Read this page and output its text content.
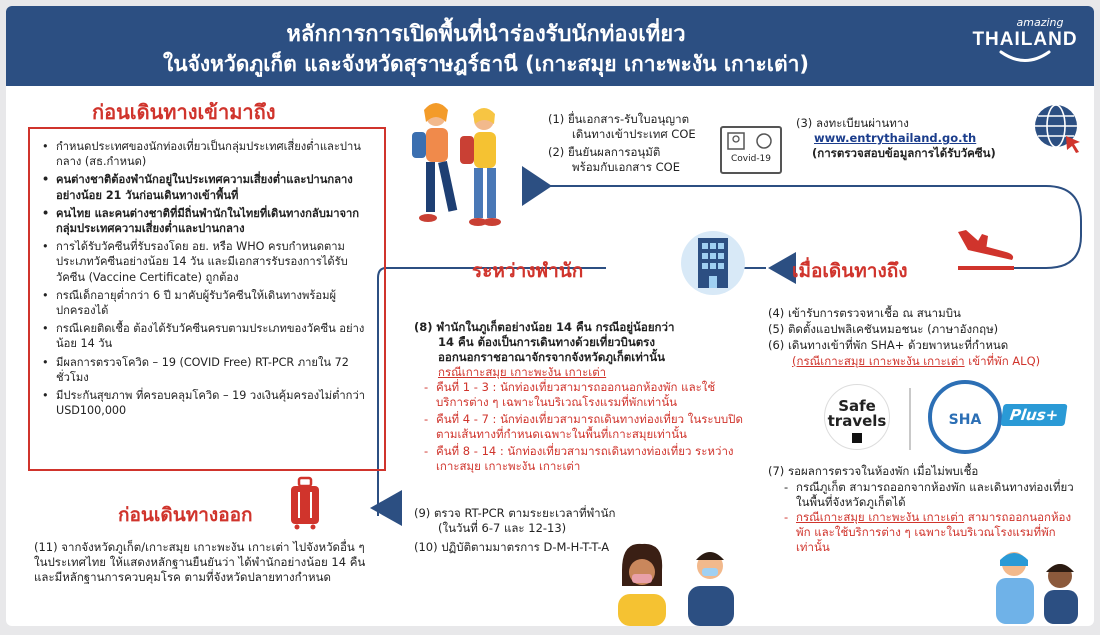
หลักการการเปิดพื้นที่นำร่องรับนักท่องเที่ยว
ในจังหวัดภูเก็ต และจังหวัดสุราษฎร์ธานี (เกาะสมุย เกาะพะงัน เกาะเต่า)
amazing
THAILAND
ก่อนเดินทางเข้ามาถึง
• กำหนดประเทศของนักท่องเที่ยวเป็นกลุ่มประเทศเสี่ยงต่ำและปานกลาง (สธ.กำหนด)
• คนต่างชาติต้องพำนักอยู่ในประเทศความเสี่ยงต่ำและปานกลาง อย่างน้อย 21 วันก่อนเดินทางเข้าพื้นที่
• คนไทย และคนต่างชาติที่มีถิ่นพำนักในไทยที่เดินทางกลับมาจากกลุ่มประเทศความเสี่ยงต่ำและปานกลาง
• การได้รับวัคซีนที่รับรองโดย อย. หรือ WHO ครบกำหนดตามประเภทวัคซีนอย่างน้อย 14 วัน และมีเอกสารรับรองการได้รับวัคซีน (Vaccine Certificate) ถูกต้อง
• กรณีเด็กอายุต่ำกว่า 6 ปี มาคับผู้รับวัคซีนให้เดินทางพร้อมผู้ปกครองได้
• กรณีเคยติดเชื้อ ต้องได้รับวัคซีนครบตามประเภทของวัคซีน อย่างน้อย 14 วัน
• มีผลการตรวจโควิด – 19 (COVID Free) RT-PCR ภายใน 72 ชั่วโมง
• มีประกันสุขภาพ ที่ครอบคลุมโควิด – 19 วงเงินคุ้มครองไม่ต่ำกว่า USD100,000
(1) ยื่นเอกสาร-รับใบอนุญาต
เดินทางเข้าประเทศ COE
(2) ยืนยันผลการอนุมัติ
พร้อมกับเอกสาร COE
Covid-19
(3) ลงทะเบียนผ่านทาง
www.entrythailand.go.th
(การตรวจสอบข้อมูลการได้รับวัคซีน)
เมื่อเดินทางถึง
(4) เข้ารับการตรวจหาเชื้อ ณ สนามบิน
(5) ติดตั้งแอปพลิเคชันหมอชนะ (ภาษาอังกฤษ)
(6) เดินทางเข้าที่พัก SHA+ ด้วยพาหนะที่กำหนด
(กรณีเกาะสมุย เกาะพะงัน เกาะเต่า เข้าที่พัก ALQ)
Safe
travels	SHA	Plus+
(7) รอผลการตรวจในห้องพัก เมื่อไม่พบเชื้อ
- กรณีภูเก็ต สามารถออกจากห้องพัก และเดินทางท่องเที่ยวในพื้นที่จังหวัดภูเก็ตได้
- กรณีเกาะสมุย เกาะพะงัน เกาะเต่า สามารถออกนอกห้องพัก และใช้บริการต่าง ๆ เฉพาะในบริเวณโรงแรมที่พักเท่านั้น
ระหว่างพำนัก
(8) พำนักในภูเก็ตอย่างน้อย 14 คืน กรณีอยู่น้อยกว่า
14 คืน ต้องเป็นการเดินทางด้วยเที่ยวบินตรง
ออกนอกราชอาณาจักรจากจังหวัดภูเก็ตเท่านั้น
กรณีเกาะสมุย เกาะพะงัน เกาะเต่า
- คืนที่ 1 - 3 : นักท่องเที่ยวสามารถออกนอกห้องพัก และใช้บริการต่าง ๆ เฉพาะในบริเวณโรงแรมที่พักเท่านั้น
- คืนที่ 4 - 7 : นักท่องเที่ยวสามารถเดินทางท่องเที่ยว ในระบบปิดตามเส้นทางที่กำหนดเฉพาะในพื้นที่เกาะสมุยเท่านั้น
- คืนที่ 8 - 14 : นักท่องเที่ยวสามารถเดินทางท่องเที่ยว ระหว่างเกาะสมุย เกาะพะงัน เกาะเต่า
(9) ตรวจ RT-PCR ตามระยะเวลาที่พำนัก
(ในวันที่ 6-7 และ 12-13)
(10) ปฏิบัติตามมาตรการ D-M-H-T-T-A
ก่อนเดินทางออก
(11) จากจังหวัดภูเก็ต/เกาะสมุย เกาะพะงัน เกาะเต่า ไปจังหวัดอื่น ๆ ในประเทศไทย ให้แสดงหลักฐานยืนยันว่า ได้พำนักอย่างน้อย 14 คืน และมีหลักฐานการควบคุมโรค ตามที่จังหวัดปลายทางกำหนด
